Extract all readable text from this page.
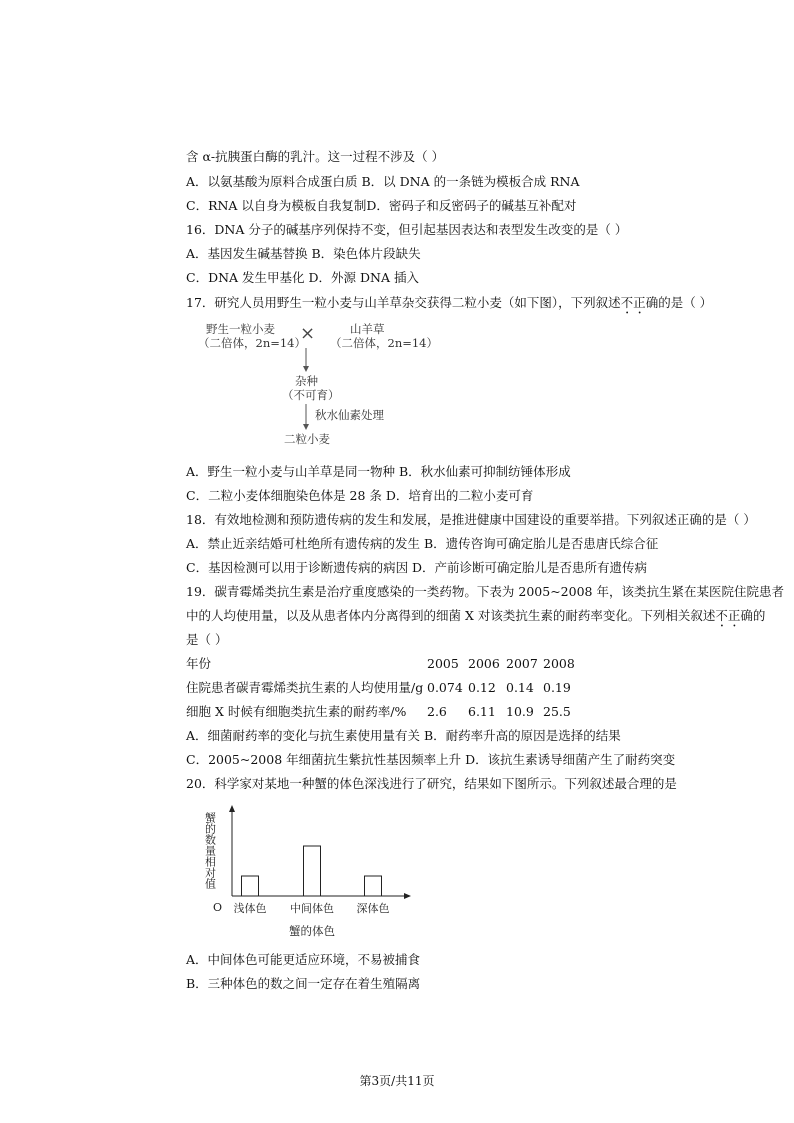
含 α-抗胰蛋白酶的乳汁。这一过程不涉及（ ）
A．以氨基酸为原料合成蛋白质 B．以 DNA 的一条链为模板合成 RNA
C．RNA 以自身为模板自我复制D．密码子和反密码子的碱基互补配对
16．DNA 分子的碱基序列保持不变，但引起基因表达和表型发生改变的是（ ）
A．基因发生碱基替换 B．染色体片段缺失
C．DNA 发生甲基化 D．外源 DNA 插入
17．研究人员用野生一粒小麦与山羊草杂交获得二粒小麦（如下图），下列叙述不正确的是（ ）
野生一粒小麦
（二倍体，2n=14）
×	山羊草
（二倍体，2n=14）
杂种
（不可育）
秋水仙素处理
二粒小麦
A．野生一粒小麦与山羊草是同一物种 B．秋水仙素可抑制纺锤体形成
C．二粒小麦体细胞染色体是 28 条 D．培育出的二粒小麦可育
18．有效地检测和预防遗传病的发生和发展，是推进健康中国建设的重要举措。下列叙述正确的是（ ）
A．禁止近亲结婚可杜绝所有遗传病的发生 B．遗传咨询可确定胎儿是否患唐氏综合征
C．基因检测可以用于诊断遗传病的病因 D．产前诊断可确定胎儿是否患所有遗传病
19．碳青霉烯类抗生素是治疗重度感染的一类药物。下表为 2005~2008 年，该类抗生紧在某医院住院患者
中的人均使用量，以及从患者体内分离得到的细菌 X 对该类抗生素的耐药率变化。下列相关叙述不正确的
是（ ）
年份	2005 2006 2007 2008
住院患者碳青霉烯类抗生素的人均使用量/g 0.074 0.12 0.14 0.19
细胞 X 时候有细胞类抗生素的耐药率/% 2.6 6.11 10.9 25.5
A．细菌耐药率的变化与抗生素使用量有关 B．耐药率升高的原因是选择的结果
C．2005~2008 年细菌抗生紫抗性基因频率上升 D．该抗生素诱导细菌产生了耐药突变
20．科学家对某地一种蟹的体色深浅进行了研究，结果如下图所示。下列叙述最合理的是
蟹的数量相对值
O 浅体色 中间体色 深体色
蟹的体色
A．中间体色可能更适应环境，不易被捕食
B．三种体色的数之间一定存在着生殖隔离
第3页/共11页
